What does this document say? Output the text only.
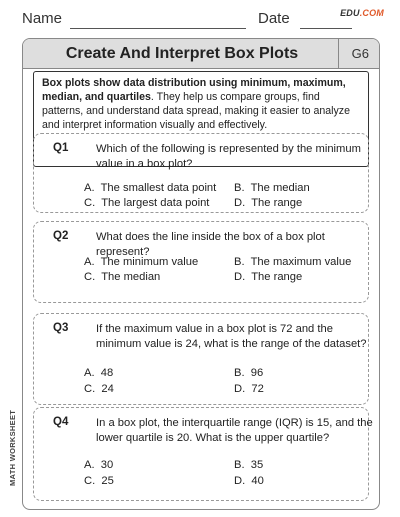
Name	Date	EDU.COM
Create And Interpret Box Plots	G6
Box plots show data distribution using minimum, maximum, median, and quartiles. They help us compare groups, find patterns, and understand data spread, making it easier to analyze and interpret information visually and effectively.
Q1 Which of the following is represented by the minimum value in a box plot?
A.  The smallest data point B.  The median
C.  The largest data point D.  The range
Q2 What does the line inside the box of a box plot represent?
A.  The minimum value	B.  The maximum value
C.  The median	D.  The range
Q3 If the maximum value in a box plot is 72 and the minimum value is 24, what is the range of the dataset?
A.  48	B.  96
C.  24	D.  72
Q4 In a box plot, the interquartile range (IQR) is 15, and the lower quartile is 20. What is the upper quartile?
A.  30	B.  35
C.  25	D.  40
MATH WORKSHEET
